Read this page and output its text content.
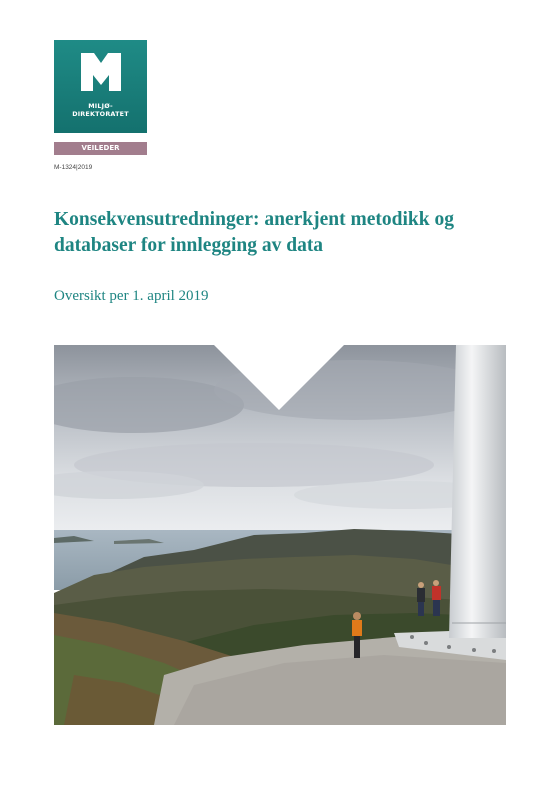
MILJØ-
DIREKTORATET
VEILEDER
M-1324|2019
Konsekvensutredninger: anerkjent metodikk og databaser for innlegging av data
Oversikt per 1. april 2019
